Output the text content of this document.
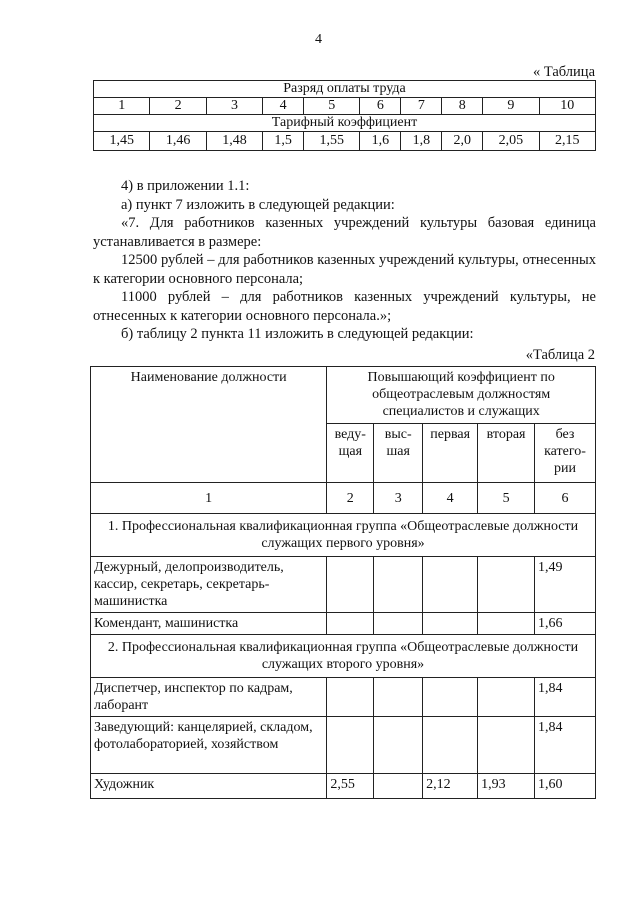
4
« Таблица
Разряд оплаты труда									
1	2	3	4	5	6	7	8	9	10
Тарифный коэффициент									
1,45	1,46	1,48	1,5	1,55	1,6	1,8	2,0	2,05	2,15

4) в приложении 1.1:

а) пункт 7 изложить в следующей редакции:

«7. Для работников казенных учреждений культуры базовая единица устанавливается в размере:

12500 рублей – для работников казенных учреждений культуры, отнесенных к категории основного персонала;

11000 рублей – для работников казенных учреждений культуры, не отнесенных к категории основного персонала.»;

б) таблицу 2 пункта 11 изложить в следующей редакции:

«Таблица 2
Наименование должности	Повышающий коэффициент по общеотраслевым должностям специалистов и служащих				
	веду-щая	выс-шая	первая	вторая	без катего-рии
1	2	3	4	5	6
1. Профессиональная квалификационная группа «Общеотраслевые должности служащих первого уровня»					
Дежурный, делопроизводитель, кассир, секретарь, секретарь-машинистка					1,49
Комендант, машинистка					1,66
2. Профессиональная квалификационная группа «Общеотраслевые должности служащих второго уровня»					
Диспетчер, инспектор по кадрам, лаборант					1,84
Заведующий: канцелярией, складом, фотолабораторией, хозяйством					1,84
Художник	2,55		2,12	1,93	1,60
